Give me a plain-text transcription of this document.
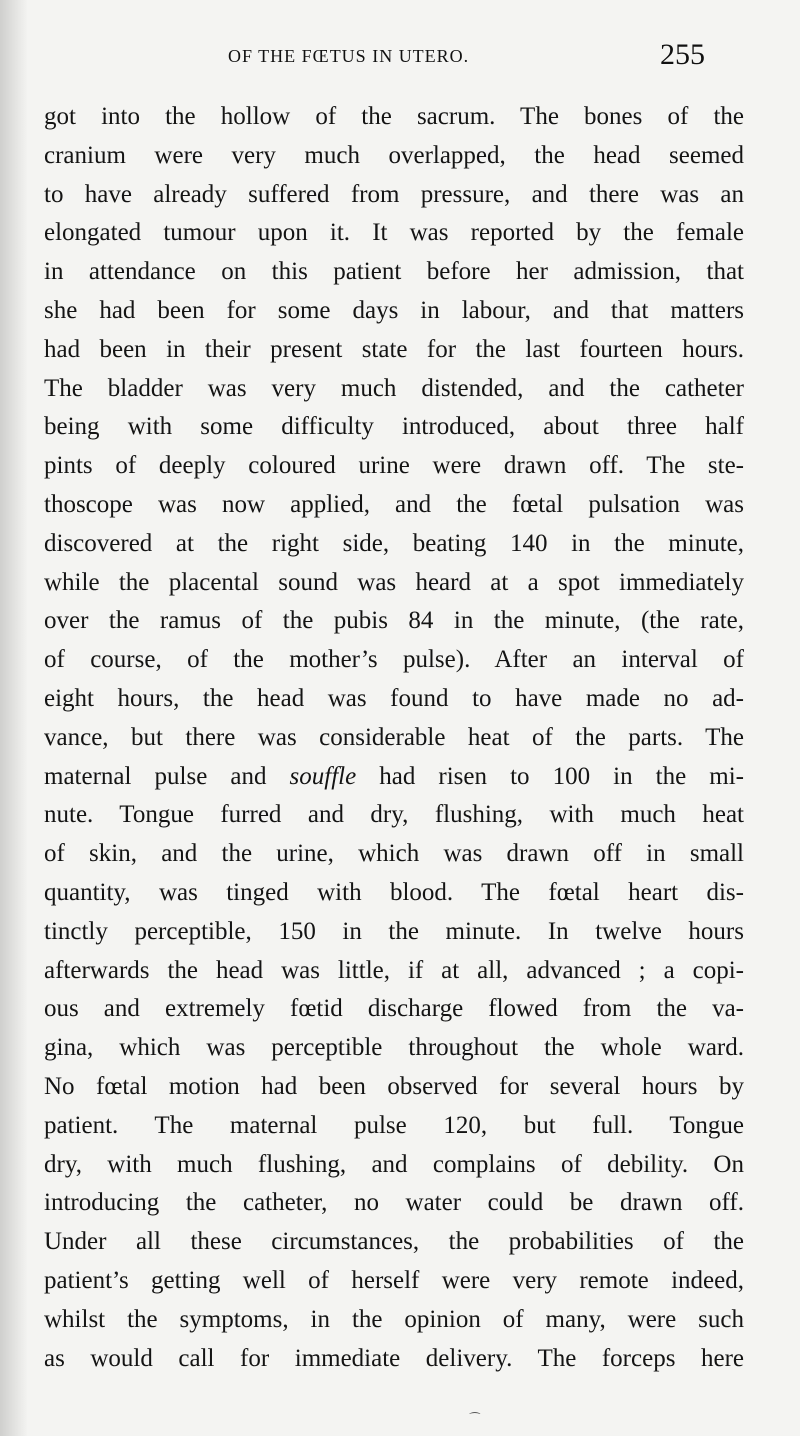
OF THE FŒTUS IN UTERO.	255
got into the hollow of the sacrum. The bones of the
cranium were very much overlapped, the head seemed
to have already suffered from pressure, and there was an
elongated tumour upon it. It was reported by the female
in attendance on this patient before her admission, that
she had been for some days in labour, and that matters
had been in their present state for the last fourteen hours.
The bladder was very much distended, and the catheter
being with some difficulty introduced, about three half
pints of deeply coloured urine were drawn off. The ste-
thoscope was now applied, and the fœtal pulsation was
discovered at the right side, beating 140 in the minute,
while the placental sound was heard at a spot immediately
over the ramus of the pubis 84 in the minute, (the rate,
of course, of the mother’s pulse). After an interval of
eight hours, the head was found to have made no ad-
vance, but there was considerable heat of the parts. The
maternal pulse and souffle had risen to 100 in the mi-
nute. Tongue furred and dry, flushing, with much heat
of skin, and the urine, which was drawn off in small
quantity, was tinged with blood. The fœtal heart dis-
tinctly perceptible, 150 in the minute. In twelve hours
afterwards the head was little, if at all, advanced ; a copi-
ous and extremely fœtid discharge flowed from the va-
gina, which was perceptible throughout the whole ward.
No fœtal motion had been observed for several hours by
patient. The maternal pulse 120, but full. Tongue
dry, with much flushing, and complains of debility. On
introducing the catheter, no water could be drawn off.
Under all these circumstances, the probabilities of the
patient’s getting well of herself were very remote indeed,
whilst the symptoms, in the opinion of many, were such
as would call for immediate delivery. The forceps here
⁀
